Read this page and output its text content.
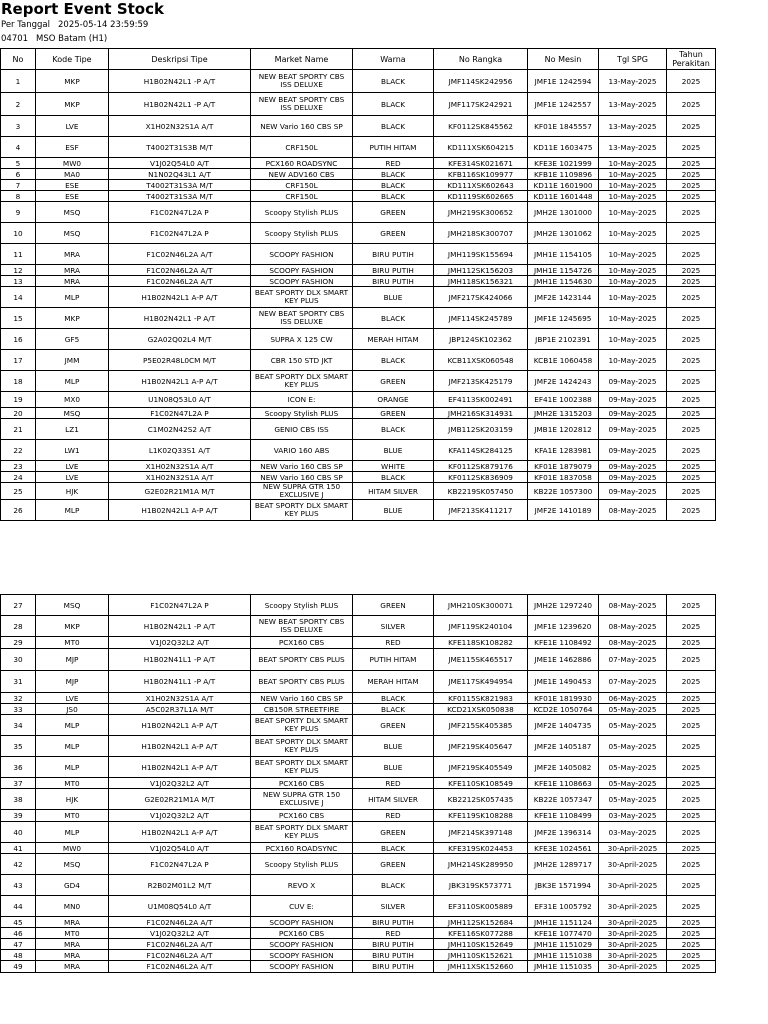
Report Event Stock
Per Tanggal 2025-05-14 23:59:59
04701 MSO Batam (H1)
No	Kode Tipe	Deskripsi Tipe	Market Name	Warna	No Rangka	No Mesin	Tgl SPG	Tahun Perakitan
1	MKP	H1B02N42L1 -P A/T	NEW BEAT SPORTY CBS ISS DELUXE	BLACK	JMF114SK242956	JMF1E 1242594	13-May-2025	2025
2	MKP	H1B02N42L1 -P A/T	NEW BEAT SPORTY CBS ISS DELUXE	BLACK	JMF117SK242921	JMF1E 1242557	13-May-2025	2025
3	LVE	X1H02N32S1A A/T	NEW Vario 160 CBS SP	BLACK	KF0112SK845562	KF01E 1845557	13-May-2025	2025
4	ESF	T4002T31S3B M/T	CRF150L	PUTIH HITAM	KD111XSK604215	KD11E 1603475	13-May-2025	2025
5	MW0	V1J02Q54L0 A/T	PCX160 ROADSYNC	RED	KFE314SK021671	KFE3E 1021999	10-May-2025	2025
6	MA0	N1N02Q43L1 A/T	NEW ADV160 CBS	BLACK	KFB116SK109977	KFB1E 1109896	10-May-2025	2025
7	ESE	T4002T31S3A M/T	CRF150L	BLACK	KD111XSK602643	KD11E 1601900	10-May-2025	2025
8	ESE	T4002T31S3A M/T	CRF150L	BLACK	KD1119SK602665	KD11E 1601448	10-May-2025	2025
9	MSQ	F1C02N47L2A P	Scoopy Stylish PLUS	GREEN	JMH219SK300652	JMH2E 1301000	10-May-2025	2025
10	MSQ	F1C02N47L2A P	Scoopy Stylish PLUS	GREEN	JMH218SK300707	JMH2E 1301062	10-May-2025	2025
11	MRA	F1C02N46L2A A/T	SCOOPY FASHION	BIRU PUTIH	JMH119SK155694	JMH1E 1154105	10-May-2025	2025
12	MRA	F1C02N46L2A A/T	SCOOPY FASHION	BIRU PUTIH	JMH112SK156203	JMH1E 1154726	10-May-2025	2025
13	MRA	F1C02N46L2A A/T	SCOOPY FASHION	BIRU PUTIH	JMH118SK156321	JMH1E 1154630	10-May-2025	2025
14	MLP	H1B02N42L1 A-P A/T	BEAT SPORTY DLX SMART KEY PLUS	BLUE	JMF217SK424066	JMF2E 1423144	10-May-2025	2025
15	MKP	H1B02N42L1 -P A/T	NEW BEAT SPORTY CBS ISS DELUXE	BLACK	JMF114SK245789	JMF1E 1245695	10-May-2025	2025
16	GF5	G2A02Q02L4 M/T	SUPRA X 125 CW	MERAH HITAM	JBP124SK102362	JBP1E 2102391	10-May-2025	2025
17	JMM	P5E02R48L0CM M/T	CBR 150 STD JKT	BLACK	KCB11XSK060548	KCB1E 1060458	10-May-2025	2025
18	MLP	H1B02N42L1 A-P A/T	BEAT SPORTY DLX SMART KEY PLUS	GREEN	JMF213SK425179	JMF2E 1424243	09-May-2025	2025
19	MX0	U1N08Q53L0 A/T	ICON E:	ORANGE	EF4113SK002491	EF41E 1002388	09-May-2025	2025
20	MSQ	F1C02N47L2A P	Scoopy Stylish PLUS	GREEN	JMH216SK314931	JMH2E 1315203	09-May-2025	2025
21	LZ1	C1M02N42S2 A/T	GENIO CBS ISS	BLACK	JMB112SK203159	JMB1E 1202812	09-May-2025	2025
22	LW1	L1K02Q33S1 A/T	VARIO 160 ABS	BLUE	KFA114SK284125	KFA1E 1283981	09-May-2025	2025
23	LVE	X1H02N32S1A A/T	NEW Vario 160 CBS SP	WHITE	KF0112SK879176	KF01E 1879079	09-May-2025	2025
24	LVE	X1H02N32S1A A/T	NEW Vario 160 CBS SP	BLACK	KF0112SK836909	KF01E 1837058	09-May-2025	2025
25	HJK	G2E02R21M1A M/T	NEW SUPRA GTR 150 EXCLUSIVE J	HITAM SILVER	KB2219SK057450	KB22E 1057300	09-May-2025	2025
26	MLP	H1B02N42L1 A-P A/T	BEAT SPORTY DLX SMART KEY PLUS	BLUE	JMF213SK411217	JMF2E 1410189	08-May-2025	2025
27	MSQ	F1C02N47L2A P	Scoopy Stylish PLUS	GREEN	JMH210SK300071	JMH2E 1297240	08-May-2025	2025
28	MKP	H1B02N42L1 -P A/T	NEW BEAT SPORTY CBS ISS DELUXE	SILVER	JMF119SK240104	JMF1E 1239620	08-May-2025	2025
29	MT0	V1J02Q32L2 A/T	PCX160 CBS	RED	KFE118SK108282	KFE1E 1108492	08-May-2025	2025
30	MJP	H1B02N41L1 -P A/T	BEAT SPORTY CBS PLUS	PUTIH HITAM	JME115SK465517	JME1E 1462886	07-May-2025	2025
31	MJP	H1B02N41L1 -P A/T	BEAT SPORTY CBS PLUS	MERAH HITAM	JME117SK494954	JME1E 1490453	07-May-2025	2025
32	LVE	X1H02N32S1A A/T	NEW Vario 160 CBS SP	BLACK	KF0115SK821983	KF01E 1819930	06-May-2025	2025
33	JS0	A5C02R37L1A M/T	CB150R STREETFIRE	BLACK	KCD21XSK050838	KCD2E 1050764	05-May-2025	2025
34	MLP	H1B02N42L1 A-P A/T	BEAT SPORTY DLX SMART KEY PLUS	GREEN	JMF215SK405385	JMF2E 1404735	05-May-2025	2025
35	MLP	H1B02N42L1 A-P A/T	BEAT SPORTY DLX SMART KEY PLUS	BLUE	JMF219SK405647	JMF2E 1405187	05-May-2025	2025
36	MLP	H1B02N42L1 A-P A/T	BEAT SPORTY DLX SMART KEY PLUS	BLUE	JMF219SK405549	JMF2E 1405082	05-May-2025	2025
37	MT0	V1J02Q32L2 A/T	PCX160 CBS	RED	KFE110SK108549	KFE1E 1108663	05-May-2025	2025
38	HJK	G2E02R21M1A M/T	NEW SUPRA GTR 150 EXCLUSIVE J	HITAM SILVER	KB2212SK057435	KB22E 1057347	05-May-2025	2025
39	MT0	V1J02Q32L2 A/T	PCX160 CBS	RED	KFE119SK108288	KFE1E 1108499	03-May-2025	2025
40	MLP	H1B02N42L1 A-P A/T	BEAT SPORTY DLX SMART KEY PLUS	GREEN	JMF214SK397148	JMF2E 1396314	03-May-2025	2025
41	MW0	V1J02Q54L0 A/T	PCX160 ROADSYNC	BLACK	KFE319SK024453	KFE3E 1024561	30-April-2025	2025
42	MSQ	F1C02N47L2A P	Scoopy Stylish PLUS	GREEN	JMH214SK289950	JMH2E 1289717	30-April-2025	2025
43	GD4	R2B02M01L2 M/T	REVO X	BLACK	JBK319SK573771	JBK3E 1571994	30-April-2025	2025
44	MN0	U1M08Q54L0 A/T	CUV E:	SILVER	EF3110SK005889	EF31E 1005792	30-April-2025	2025
45	MRA	F1C02N46L2A A/T	SCOOPY FASHION	BIRU PUTIH	JMH112SK152684	JMH1E 1151124	30-April-2025	2025
46	MT0	V1J02Q32L2 A/T	PCX160 CBS	RED	KFE116SK077288	KFE1E 1077470	30-April-2025	2025
47	MRA	F1C02N46L2A A/T	SCOOPY FASHION	BIRU PUTIH	JMH110SK152649	JMH1E 1151029	30-April-2025	2025
48	MRA	F1C02N46L2A A/T	SCOOPY FASHION	BIRU PUTIH	JMH110SK152621	JMH1E 1151038	30-April-2025	2025
49	MRA	F1C02N46L2A A/T	SCOOPY FASHION	BIRU PUTIH	JMH11XSK152660	JMH1E 1151035	30-April-2025	2025
